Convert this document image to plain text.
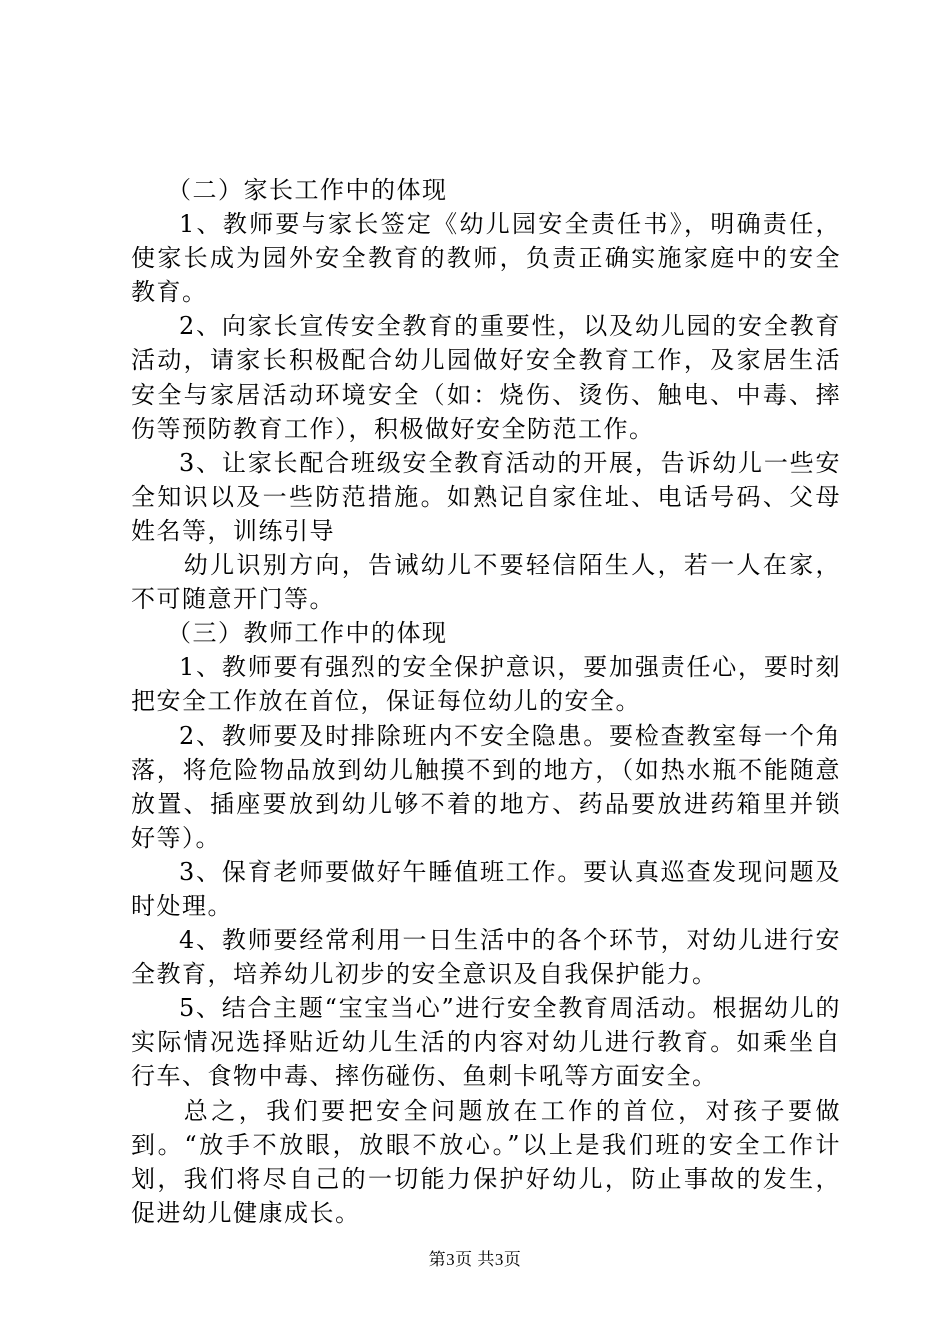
（二）家长工作中的体现

1、教师要与家长签定《幼儿园安全责任书》，明确责任，使家长成为园外安全教育的教师，负责正确实施家庭中的安全教育。

2、向家长宣传安全教育的重要性，以及幼儿园的安全教育活动，请家长积极配合幼儿园做好安全教育工作，及家居生活安全与家居活动环境安全（如：烧伤、烫伤、触电、中毒、摔伤等预防教育工作），积极做好安全防范工作。

3、让家长配合班级安全教育活动的开展，告诉幼儿一些安全知识以及一些防范措施。如熟记自家住址、电话号码、父母姓名等，训练引导

幼儿识别方向，告诫幼儿不要轻信陌生人，若一人在家，不可随意开门等。

（三）教师工作中的体现

1、教师要有强烈的安全保护意识，要加强责任心，要时刻把安全工作放在首位，保证每位幼儿的安全。

2、教师要及时排除班内不安全隐患。要检查教室每一个角落，将危险物品放到幼儿触摸不到的地方，（如热水瓶不能随意放置、插座要放到幼儿够不着的地方、药品要放进药箱里并锁好等）。

3、保育老师要做好午睡值班工作。要认真巡查发现问题及时处理。

4、教师要经常利用一日生活中的各个环节，对幼儿进行安全教育，培养幼儿初步的安全意识及自我保护能力。

5、结合主题“宝宝当心”进行安全教育周活动。根据幼儿的实际情况选择贴近幼儿生活的内容对幼儿进行教育。如乘坐自行车、食物中毒、摔伤碰伤、鱼刺卡吼等方面安全。

总之，我们要把安全问题放在工作的首位，对孩子要做到。“放手不放眼，放眼不放心。”以上是我们班的安全工作计划，我们将尽自己的一切能力保护好幼儿，防止事故的发生，促进幼儿健康成长。

第3页 共3页
